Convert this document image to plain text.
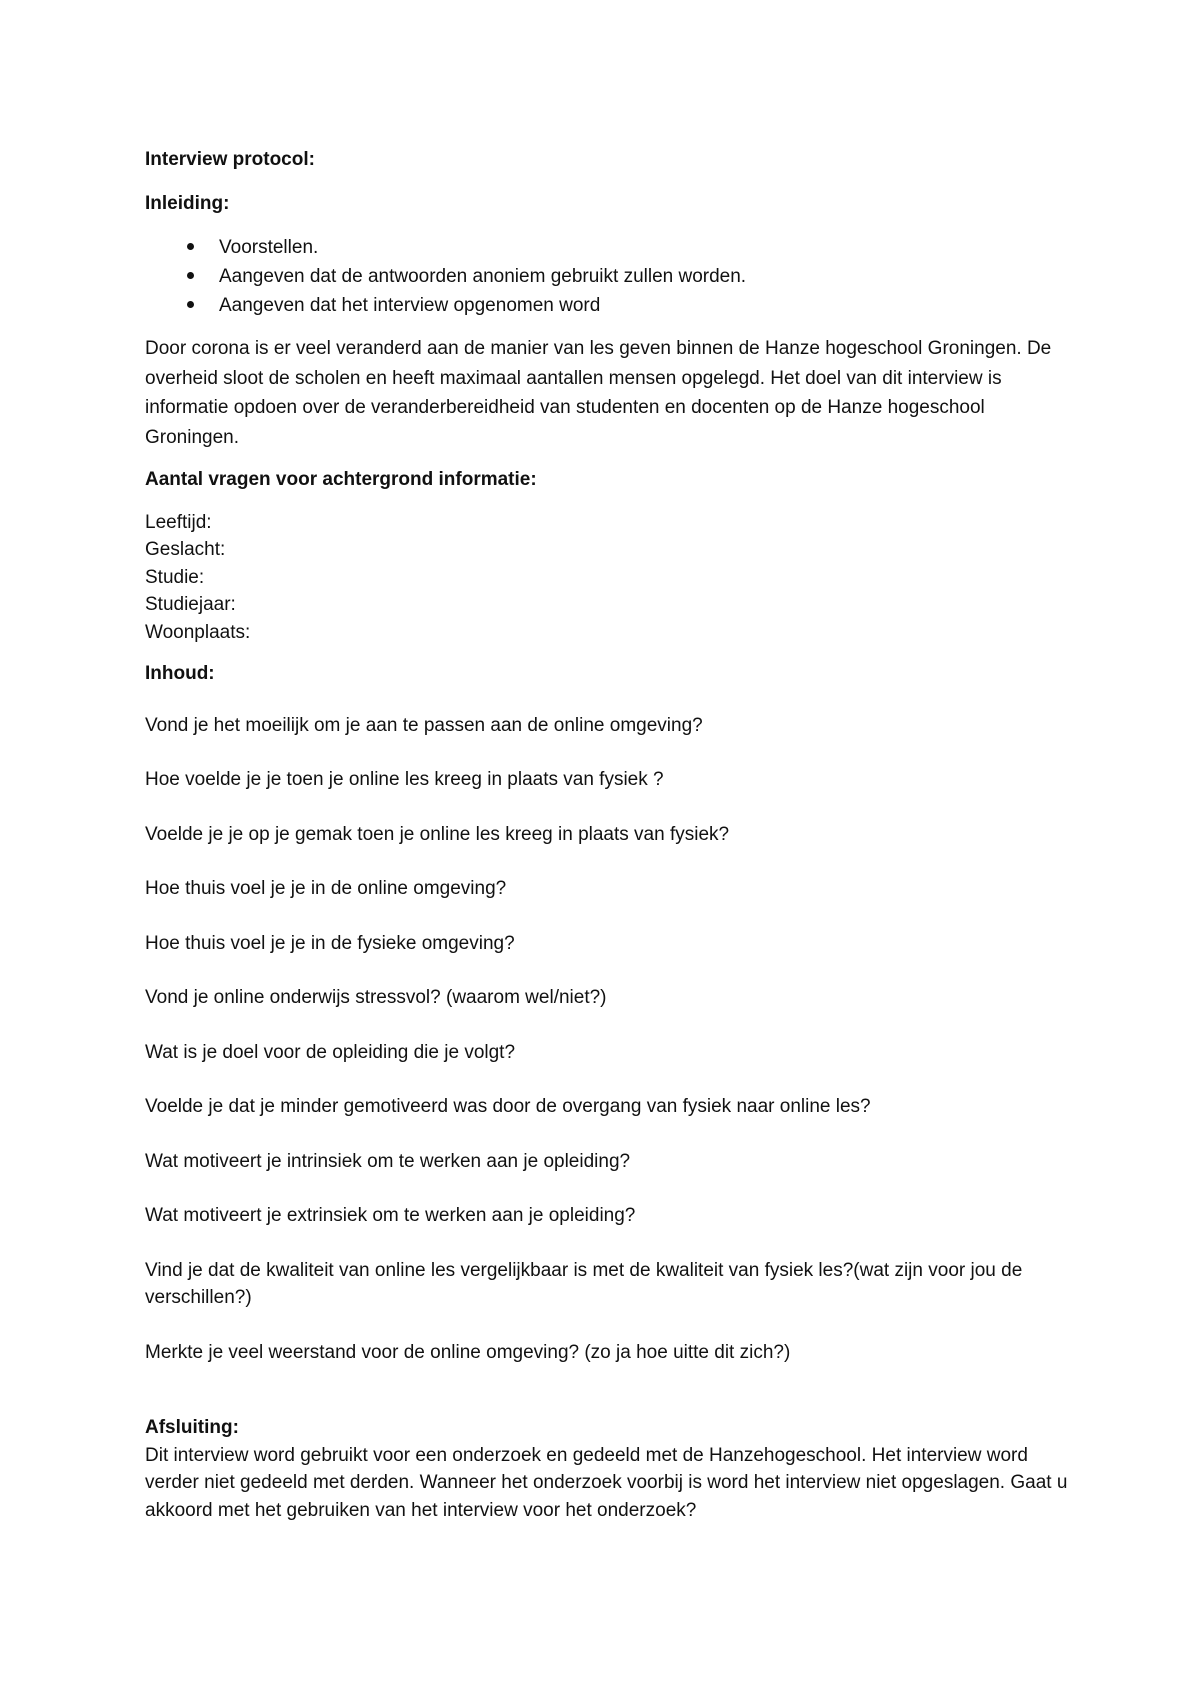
Interview protocol:

Inleiding:

Voorstellen.
Aangeven dat de antwoorden anoniem gebruikt zullen worden.
Aangeven dat het interview opgenomen word

Door corona is er veel veranderd aan de manier van les geven binnen de Hanze hogeschool Groningen. De overheid sloot de scholen en heeft maximaal aantallen mensen opgelegd. Het doel van dit interview is informatie opdoen over de veranderbereidheid van studenten en docenten op de Hanze hogeschool Groningen.

Aantal vragen voor achtergrond informatie:

Leeftijd:
Geslacht:
Studie:
Studiejaar:
Woonplaats:

Inhoud:

Vond je het moeilijk om je aan te passen aan de online omgeving?

Hoe voelde je je toen je online les kreeg in plaats van fysiek ?

Voelde je je op je gemak toen je online les kreeg in plaats van fysiek?

Hoe thuis voel je je in de online omgeving?

Hoe thuis voel je je in de fysieke omgeving?

Vond je online onderwijs stressvol? (waarom wel/niet?)

Wat is je doel voor de opleiding die je volgt?

Voelde je dat je minder gemotiveerd was door de overgang van fysiek naar online les?

Wat motiveert je intrinsiek om te werken aan je opleiding?

Wat motiveert je extrinsiek om te werken aan je opleiding?

Vind je dat de kwaliteit van online les vergelijkbaar is met de kwaliteit van fysiek les?(wat zijn voor jou de verschillen?)

Merkte je veel weerstand voor de online omgeving? (zo ja hoe uitte dit zich?)

Afsluiting:

Dit interview word gebruikt voor een onderzoek en gedeeld met de Hanzehogeschool. Het interview word verder niet gedeeld met derden. Wanneer het onderzoek voorbij is word het interview niet opgeslagen. Gaat u akkoord met het gebruiken van het interview voor het onderzoek?
